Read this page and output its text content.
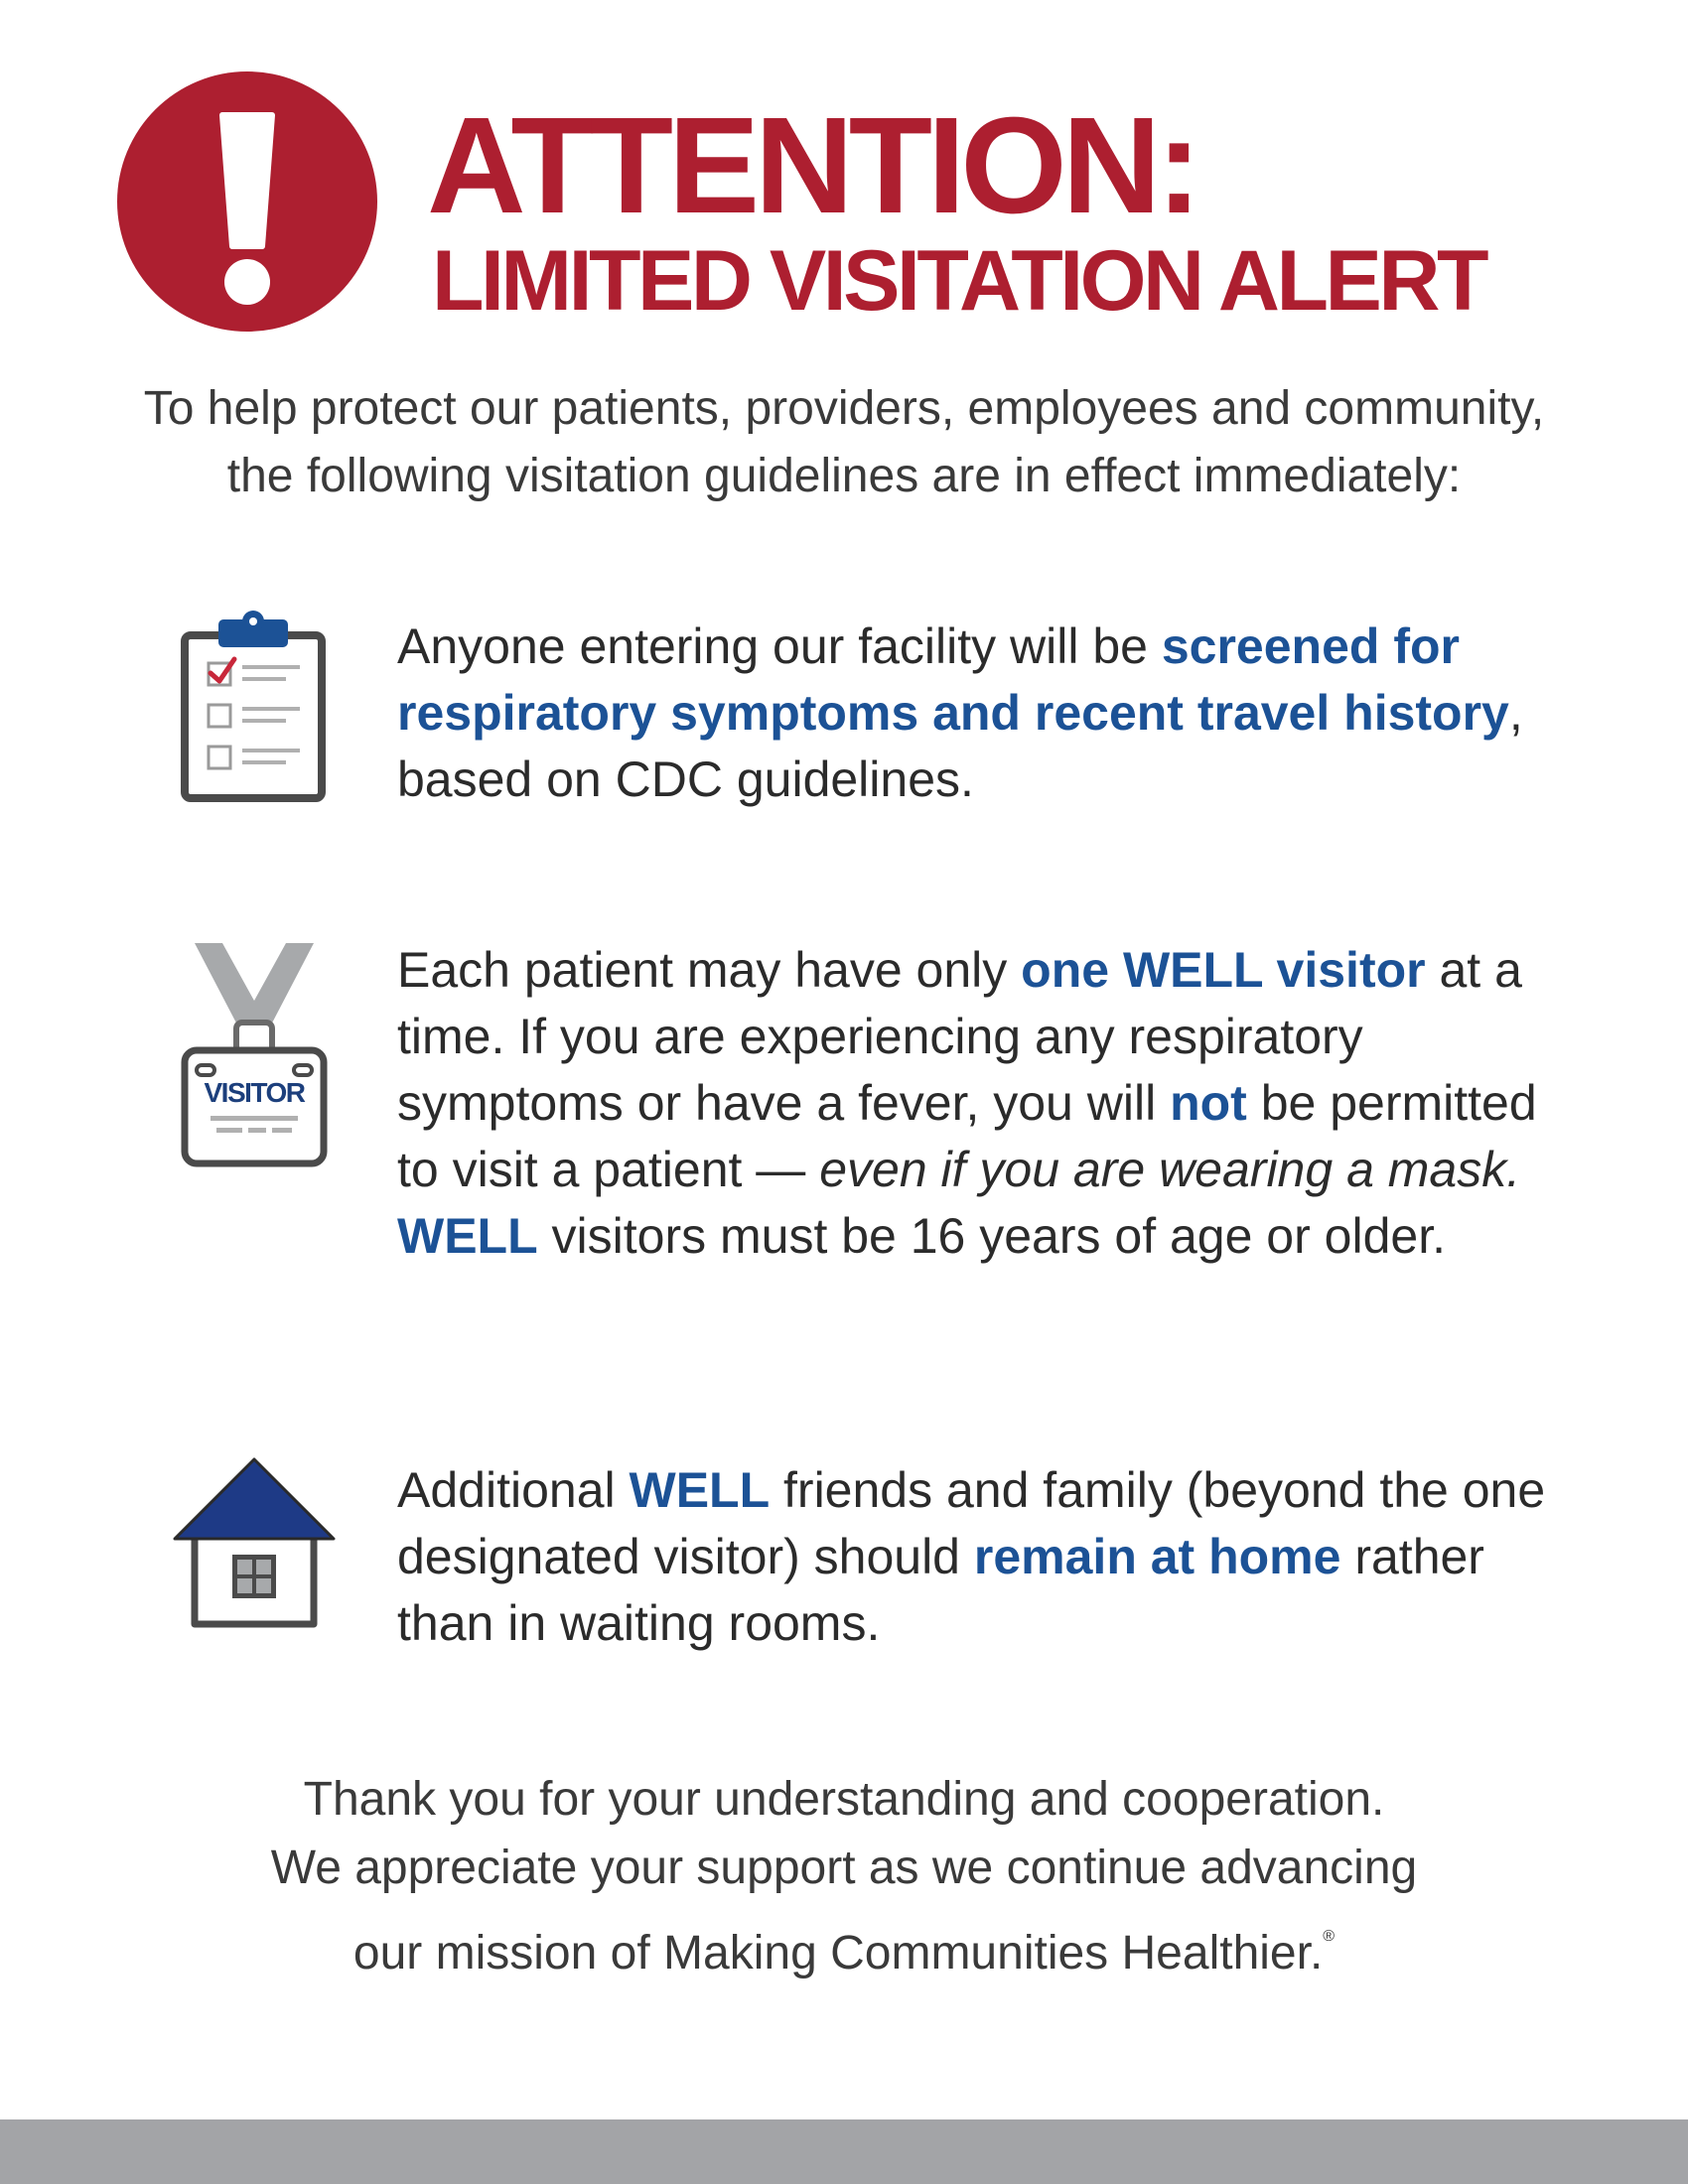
ATTENTION:
LIMITED VISITATION ALERT

To help protect our patients, providers, employees and community,
the following visitation guidelines are in effect immediately:

Anyone entering our facility will be screened for respiratory symptoms and recent travel history, based on CDC guidelines.

VISITOR

Each patient may have only one WELL visitor at a time. If you are experiencing any respiratory symptoms or have a fever, you will not be permitted to visit a patient — even if you are wearing a mask. WELL visitors must be 16 years of age or older.

Additional WELL friends and family (beyond the one designated visitor) should remain at home rather than in waiting rooms.

Thank you for your understanding and cooperation.
We appreciate your support as we continue advancing
our mission of Making Communities Healthier.®
